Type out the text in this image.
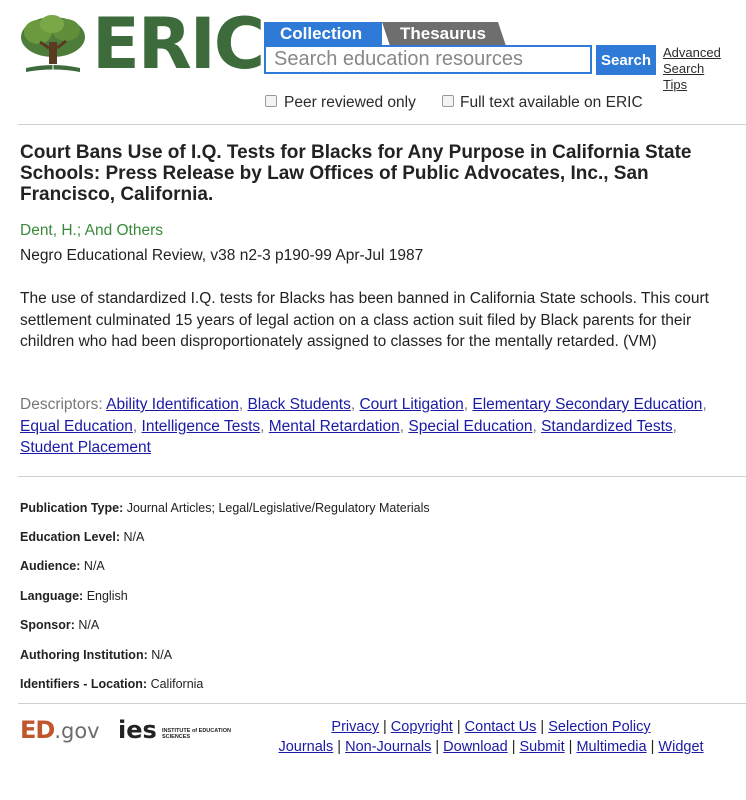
ERIC Collection	Thesaurus
Search education resources
Search Advanced
Search
Tips
Peer reviewed only	Full text available on ERIC
Court Bans Use of I.Q. Tests for Blacks for Any Purpose in California State Schools: Press Release by Law Offices of Public Advocates, Inc., San Francisco, California.
Dent, H.; And Others
Negro Educational Review, v38 n2-3 p190-99 Apr-Jul 1987
The use of standardized I.Q. tests for Blacks has been banned in California State schools. This court settlement culminated 15 years of legal action on a class action suit filed by Black parents for their children who had been disproportionately assigned to classes for the mentally retarded. (VM)
Descriptors: Ability Identification, Black Students, Court Litigation, Elementary Secondary Education, Equal Education, Intelligence Tests, Mental Retardation, Special Education, Standardized Tests, Student Placement
Publication Type: Journal Articles; Legal/Legislative/Regulatory Materials
Education Level: N/A
Audience: N/A
Language: English
Sponsor: N/A
Authoring Institution: N/A
Identifiers - Location: California
ED.gov ies INSTITUTE of EDUCATION SCIENCES
Privacy | Copyright | Contact Us | Selection Policy
Journals | Non-Journals | Download | Submit | Multimedia | Widget
